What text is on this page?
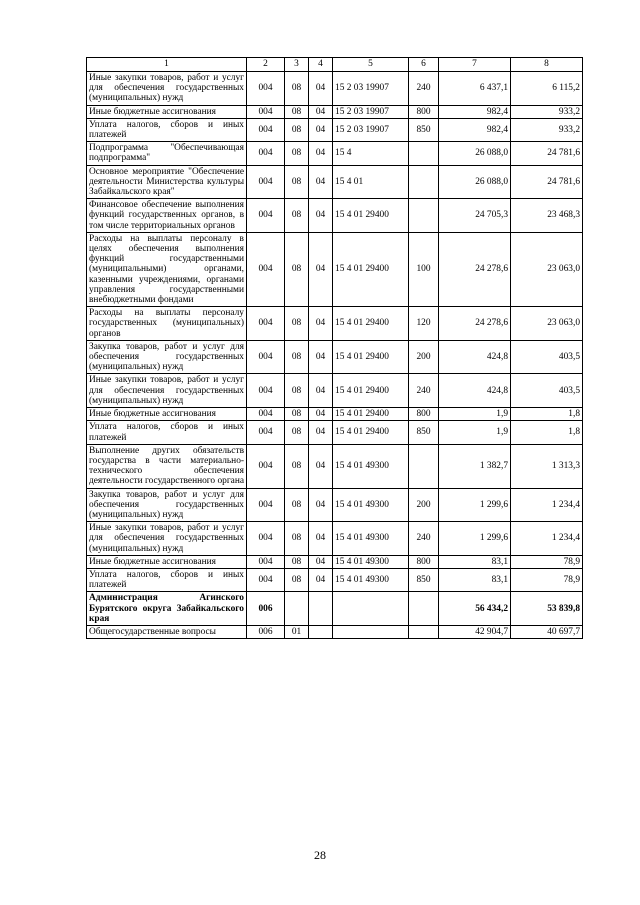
1	2	3	4	5	6	7	8
Иные закупки товаров, работ и услуг для обеспечения государственных (муниципальных) нужд	004	08	04	15 2 03 19907	240	6 437,1	6 115,2
Иные бюджетные ассигнования	004	08	04	15 2 03 19907	800	982,4	933,2
Уплата налогов, сборов и иных платежей	004	08	04	15 2 03 19907	850	982,4	933,2
Подпрограмма "Обеспечивающая подпрограмма"	004	08	04	15 4		26 088,0	24 781,6
Основное мероприятие "Обеспечение деятельности Министерства культуры Забайкальского края"	004	08	04	15 4 01		26 088,0	24 781,6
Финансовое обеспечение выполнения функций государственных органов, в том числе территориальных органов	004	08	04	15 4 01 29400		24 705,3	23 468,3
Расходы на выплаты персоналу в целях обеспечения выполнения функций государственными (муниципальными) органами, казенными учреждениями, органами управления государственными внебюджетными фондами	004	08	04	15 4 01 29400	100	24 278,6	23 063,0
Расходы на выплаты персоналу государственных (муниципальных) органов	004	08	04	15 4 01 29400	120	24 278,6	23 063,0
Закупка товаров, работ и услуг для обеспечения государственных (муниципальных) нужд	004	08	04	15 4 01 29400	200	424,8	403,5
Иные закупки товаров, работ и услуг для обеспечения государственных (муниципальных) нужд	004	08	04	15 4 01 29400	240	424,8	403,5
Иные бюджетные ассигнования	004	08	04	15 4 01 29400	800	1,9	1,8
Уплата налогов, сборов и иных платежей	004	08	04	15 4 01 29400	850	1,9	1,8
Выполнение других обязательств государства в части материально-технического обеспечения деятельности государственного органа	004	08	04	15 4 01 49300		1 382,7	1 313,3
Закупка товаров, работ и услуг для обеспечения государственных (муниципальных) нужд	004	08	04	15 4 01 49300	200	1 299,6	1 234,4
Иные закупки товаров, работ и услуг для обеспечения государственных (муниципальных) нужд	004	08	04	15 4 01 49300	240	1 299,6	1 234,4
Иные бюджетные ассигнования	004	08	04	15 4 01 49300	800	83,1	78,9
Уплата налогов, сборов и иных платежей	004	08	04	15 4 01 49300	850	83,1	78,9
Администрация Агинского Бурятского округа Забайкальского края	006					56 434,2	53 839,8
Общегосударственные вопросы	006	01				42 904,7	40 697,7
28
